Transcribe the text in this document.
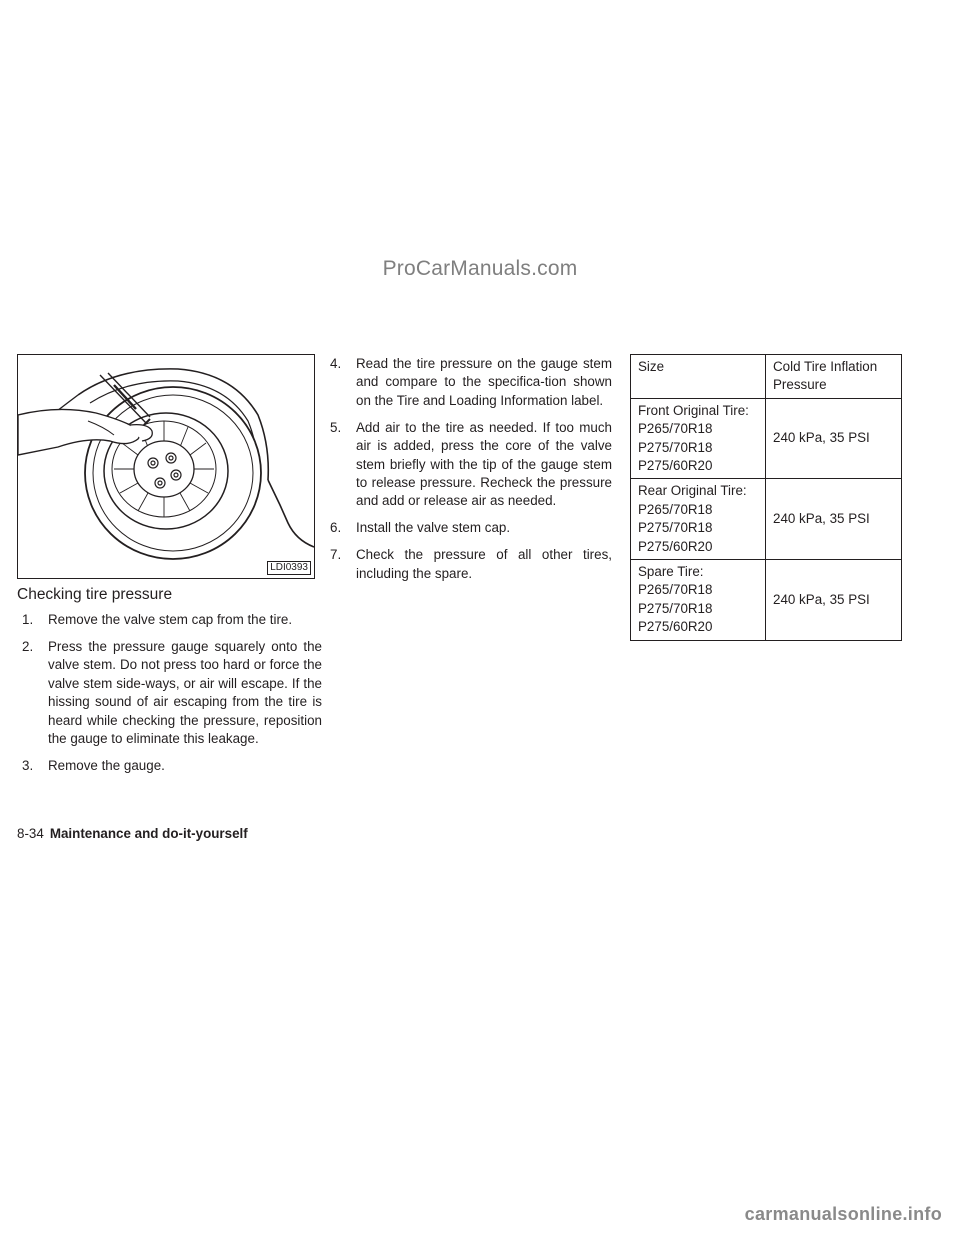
ProCarManuals.com
LDI0393
Checking tire pressure
1. Remove the valve stem cap from the tire.
2. Press the pressure gauge squarely onto the valve stem. Do not press too hard or force the valve stem side-ways, or air will escape. If the hissing sound of air escaping from the tire is heard while checking the pressure, reposition the gauge to eliminate this leakage.
3. Remove the gauge.
4. Read the tire pressure on the gauge stem and compare to the specifica-tion shown on the Tire and Loading Information label.
5. Add air to the tire as needed. If too much air is added, press the core of the valve stem briefly with the tip of the gauge stem to release pressure. Recheck the pressure and add or release air as needed.
6. Install the valve stem cap.
7. Check the pressure of all other tires, including the spare.
Size	Cold Tire Inflation Pressure

Front Original Tire:
P265/70R18
P275/70R18
P275/60R20	240 kPa, 35 PSI

Rear Original Tire:
P265/70R18
P275/70R18
P275/60R20	240 kPa, 35 PSI

Spare Tire:
P265/70R18
P275/70R18
P275/60R20	240 kPa, 35 PSI
8-34 Maintenance and do-it-yourself
carmanualsonline.info
